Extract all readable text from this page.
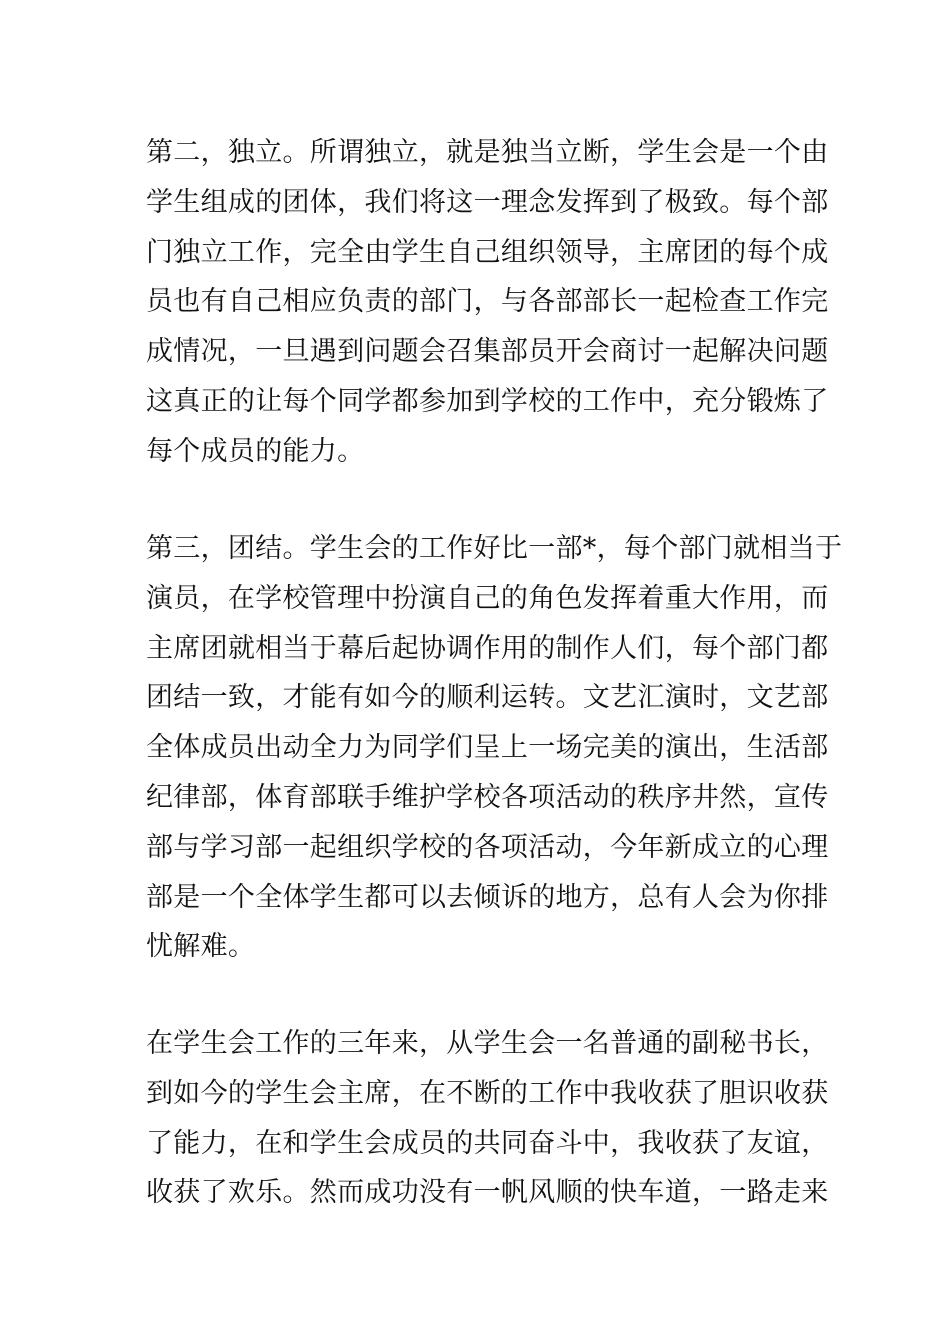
第二，独立。所谓独立，就是独当立断，学生会是一个由
学生组成的团体，我们将这一理念发挥到了极致。每个部
门独立工作，完全由学生自己组织领导，主席团的每个成
员也有自己相应负责的部门，与各部部长一起检查工作完
成情况，一旦遇到问题会召集部员开会商讨一起解决问题
这真正的让每个同学都参加到学校的工作中，充分锻炼了
每个成员的能力。

第三，团结。学生会的工作好比一部*，每个部门就相当于
演员，在学校管理中扮演自己的角色发挥着重大作用，而
主席团就相当于幕后起协调作用的制作人们，每个部门都
团结一致，才能有如今的顺利运转。文艺汇演时，文艺部
全体成员出动全力为同学们呈上一场完美的演出，生活部
纪律部，体育部联手维护学校各项活动的秩序井然，宣传
部与学习部一起组织学校的各项活动，今年新成立的心理
部是一个全体学生都可以去倾诉的地方，总有人会为你排
忧解难。

在学生会工作的三年来，从学生会一名普通的副秘书长，
到如今的学生会主席，在不断的工作中我收获了胆识收获
了能力，在和学生会成员的共同奋斗中，我收获了友谊，
收获了欢乐。然而成功没有一帆风顺的快车道，一路走来
